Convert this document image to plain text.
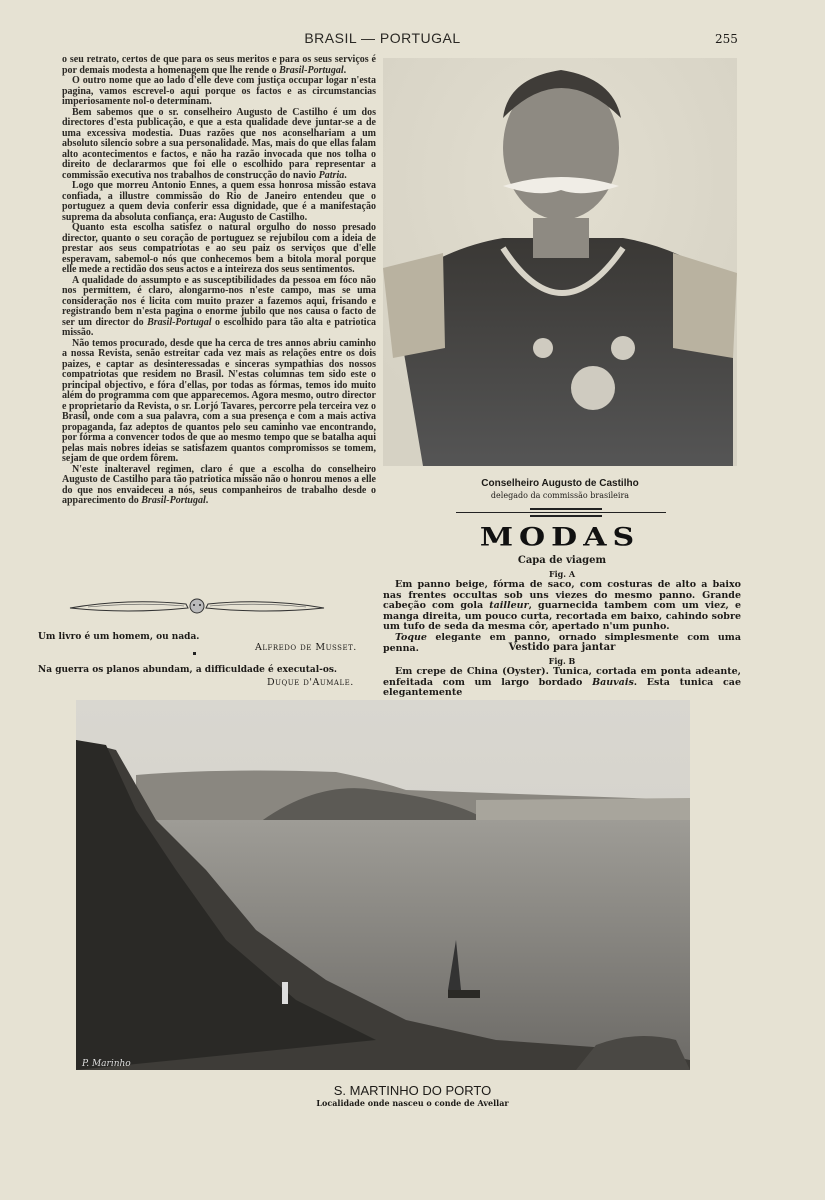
BRASIL — PORTUGAL	255

o seu retrato, certos de que para os seus meritos e para os seus serviços é por demais modesta a homenagem que lhe rende o Brasil-Portugal.

O outro nome que ao lado d'elle deve com justiça occupar logar n'esta pagina, vamos escrevel-o aqui porque os factos e as circumstancias imperiosamente nol-o determinam.

Bem sabemos que o sr. conselheiro Augusto de Castilho é um dos directores d'esta publicação, e que a esta qualidade deve juntar-se a de uma excessiva modestia. Duas razões que nos aconselhariam a um absoluto silencio sobre a sua personalidade. Mas, mais do que ellas falam alto acontecimentos e factos, e não ha razão invocada que nos tolha o direito de declararmos que foi elle o escolhido para representar a commissão executiva nos trabalhos de construcção do navio Patria.

Logo que morreu Antonio Ennes, a quem essa honrosa missão estava confiada, a illustre commissão do Rio de Janeiro entendeu que o portuguez a quem devia conferir essa dignidade, que é a manifestação suprema da absoluta confiança, era: Augusto de Castilho.

Quanto esta escolha satisfez o natural orgulho do nosso presado director, quanto o seu coração de portuguez se rejubilou com a ideia de prestar aos seus compatriotas e ao seu paiz os serviços que d'elle esperavam, sabemol-o nós que conhecemos bem a bitola moral porque elle mede a rectidão dos seus actos e a inteireza dos seus sentimentos.

A qualidade do assumpto e as susceptibilidades da pessoa em fóco não nos permittem, é claro, alongarmo-nos n'este campo, mas se uma consideração nos é licita com muito prazer a fazemos aqui, frisando e registrando bem n'esta pagina o enorme jubilo que nos causa o facto de ser um director do Brasil-Portugal o escolhido para tão alta e patriotica missão.

Não temos procurado, desde que ha cerca de tres annos abriu caminho a nossa Revista, senão estreitar cada vez mais as relações entre os dois paizes, e captar as desinteressadas e sinceras sympathias dos nossos compatriotas que residem no Brasil. N'estas columnas tem sido este o principal objectivo, e fóra d'ellas, por todas as fórmas, temos ido muito além do programma com que apparecemos. Agora mesmo, outro director e proprietario da Revista, o sr. Lorjó Tavares, percorre pela terceira vez o Brasil, onde com a sua palavra, com a sua presença e com a mais activa propaganda, faz adeptos de quantos pelo seu caminho vae encontrando, por fórma a convencer todos de que ao mesmo tempo que se batalha aqui pelas mais nobres ideias se satisfazem quantos compromissos se tomem, sejam de que ordem fôrem.

N'este inalteravel regimen, claro é que a escolha do conselheiro Augusto de Castilho para tão patriotica missão não o honrou menos a elle do que nos envaideceu a nós, seus companheiros de trabalho desde o apparecimento do Brasil-Portugal.

Um livro é um homem, ou nada.
Alfredo de Musset.
Na guerra os planos abundam, a difficuldade é executal-os.
Duque d'Aumale.
Conselheiro Augusto de Castilho
delegado da commissão brasileira
MODAS
Capa de viagem
Fig. A

Em panno beige, fórma de saco, com costuras de alto a baixo nas frentes occultas sob uns viezes do mesmo panno. Grande cabeção com gola tailleur, guarnecida tambem com um viez, e manga direita, um pouco curta, recortada em baixo, cahindo sobre um tufo de seda da mesma côr, apertado n'um punho.

Toque elegante em panno, ornado simplesmente com uma penna.	Vestido para jantar
Fig. B

Em crepe de China (Oyster). Tunica, cortada em ponta adeante, enfeitada com um largo bordado Bauvais. Esta tunica cae elegantemente

P. Marinho
S. MARTINHO DO PORTO
Localidade onde nasceu o conde de Avellar
